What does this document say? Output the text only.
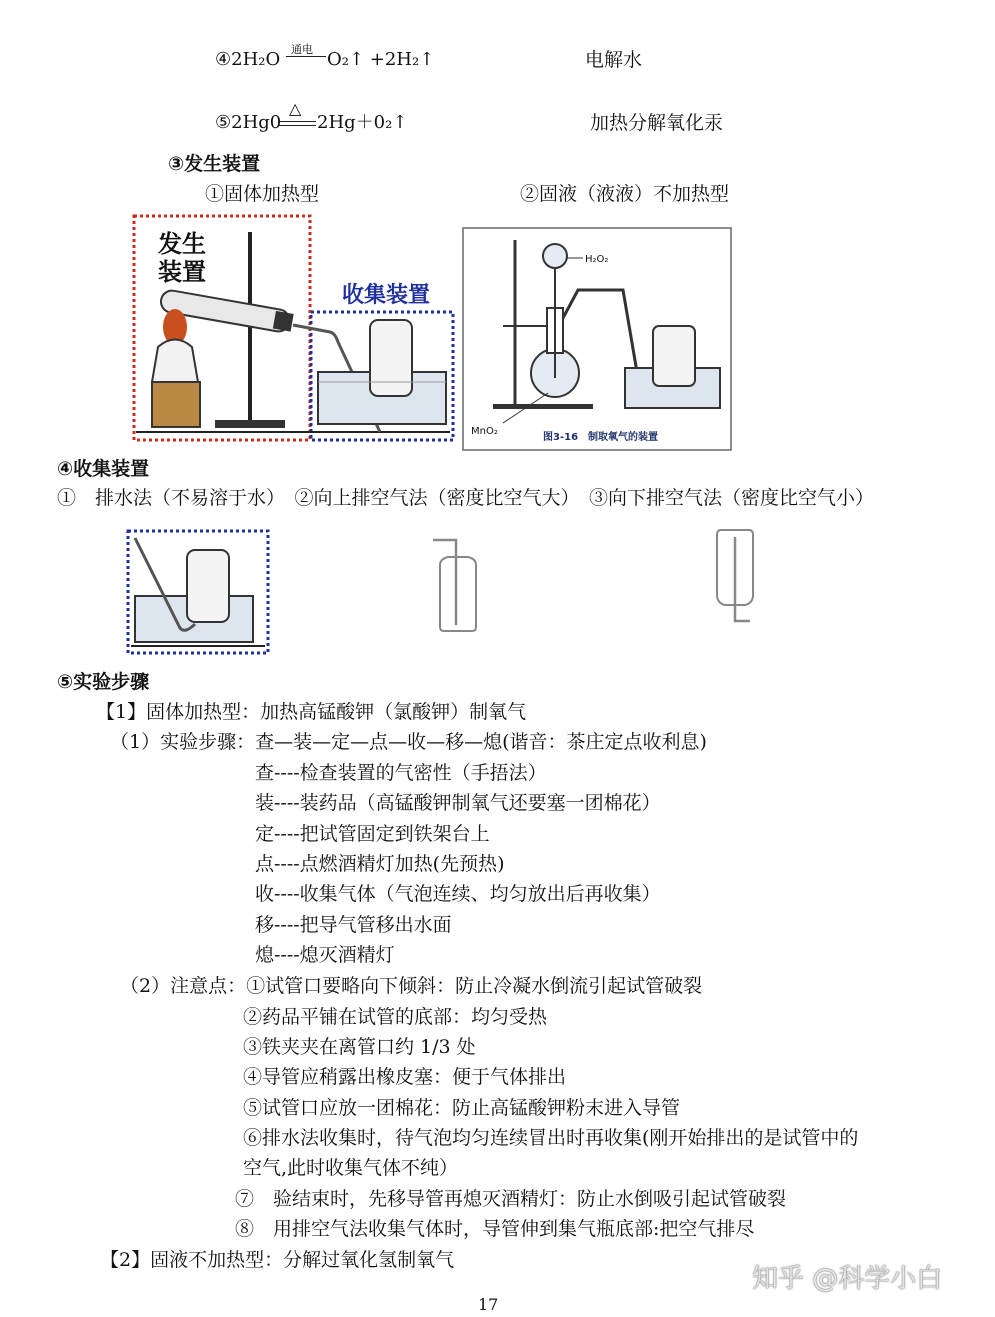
④2H₂O 通电 O₂↑ +2H₂↑	电解水
⑤2Hg0
△
2Hg＋0₂↑	加热分解氧化汞
③发生装置
①固体加热型	②固液（液液）不加热型
发生
装置
收集装置
H₂O₂
MnO₂
图3-16　制取氧气的装置
④收集装置
①　排水法（不易溶于水）　②向上排空气法（密度比空气大）　③向下排空气法（密度比空气小）
⑤实验步骤
【1】固体加热型：加热高锰酸钾（氯酸钾）制氧气
（1）实验步骤：查—装—定—点—收—移—熄(谐音：茶庄定点收利息)
查----检查装置的气密性（手捂法）
装----装药品（高锰酸钾制氧气还要塞一团棉花）
定----把试管固定到铁架台上
点----点燃酒精灯加热(先预热)
收----收集气体（气泡连续、均匀放出后再收集）
移----把导气管移出水面
熄----熄灭酒精灯
（2）注意点：①试管口要略向下倾斜：防止冷凝水倒流引起试管破裂
②药品平铺在试管的底部：均匀受热
③铁夹夹在离管口约 1/3 处
④导管应稍露出橡皮塞：便于气体排出
⑤试管口应放一团棉花：防止高锰酸钾粉末进入导管
⑥排水法收集时，待气泡均匀连续冒出时再收集(刚开始排出的是试管中的
空气,此时收集气体不纯）
⑦　验结束时，先移导管再熄灭酒精灯：防止水倒吸引起试管破裂
⑧　用排空气法收集气体时，导管伸到集气瓶底部:把空气排尽
【2】固液不加热型：分解过氧化氢制氧气
17
知乎 @科学小白
